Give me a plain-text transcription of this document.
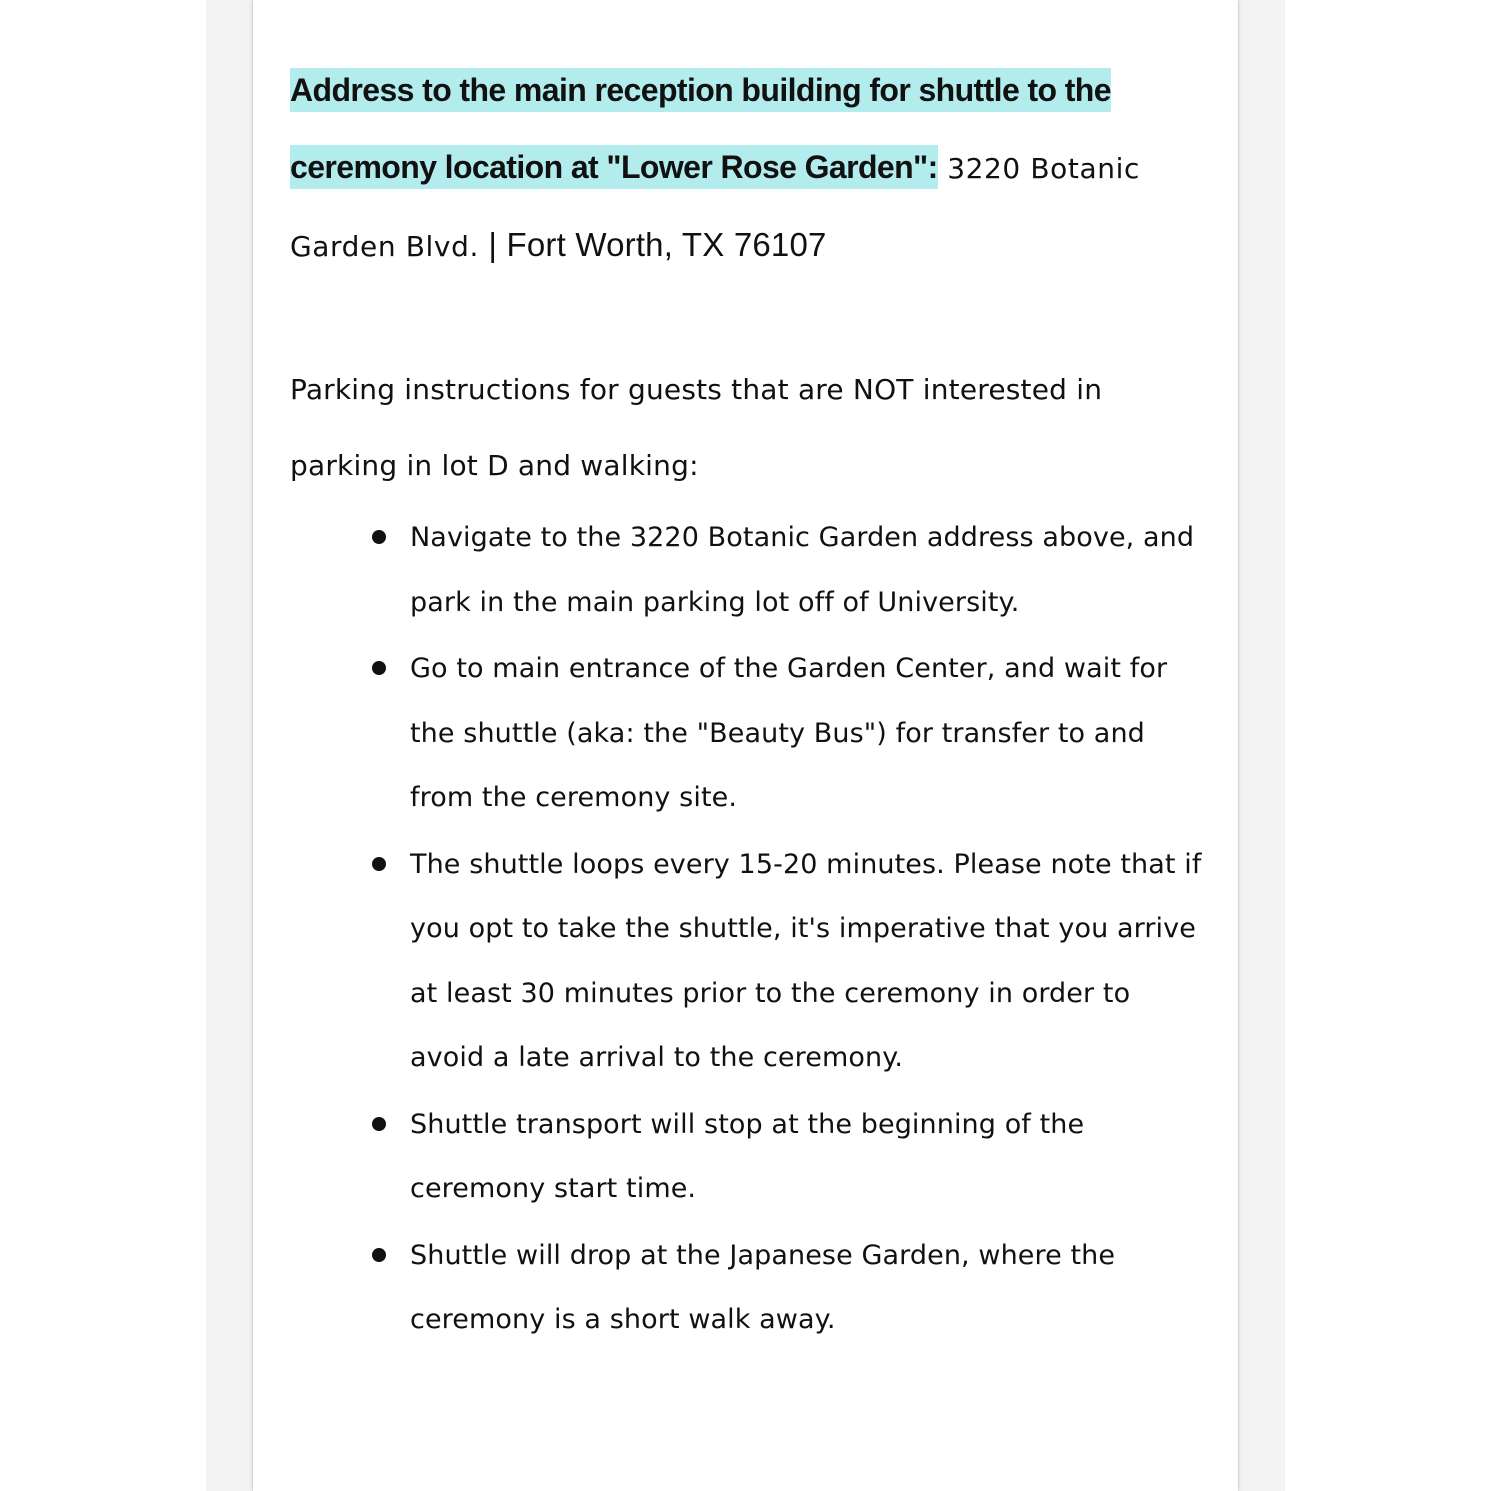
Address to the main reception building for shuttle to the ceremony location at "Lower Rose Garden": 3220 Botanic Garden Blvd. | Fort Worth, TX 76107
Parking instructions for guests that are NOT interested in parking in lot D and walking:
Navigate to the 3220 Botanic Garden address above, and park in the main parking lot off of University.
Go to main entrance of the Garden Center, and wait for the shuttle (aka: the "Beauty Bus") for transfer to and from the ceremony site.
The shuttle loops every 15-20 minutes. Please note that if you opt to take the shuttle, it's imperative that you arrive at least 30 minutes prior to the ceremony in order to avoid a late arrival to the ceremony.
Shuttle transport will stop at the beginning of the ceremony start time.
Shuttle will drop at the Japanese Garden, where the ceremony is a short walk away.
